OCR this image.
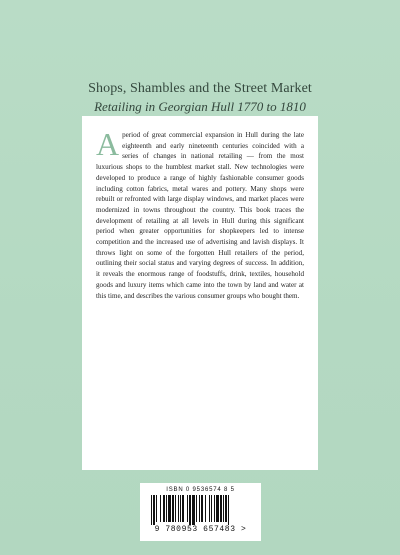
Shops, Shambles and the Street Market

Retailing in Georgian Hull 1770 to 1810

Aperiod of great commercial expansion in Hull during the late eighteenth and early nineteenth centuries coincided with a series of changes in national retailing — from the most luxurious shops to the humblest market stall. New technologies were developed to produce a range of highly fashionable consumer goods including cotton fabrics, metal wares and pottery. Many shops were rebuilt or refronted with large display windows, and market places were modernized in towns throughout the country. This book traces the development of retailing at all levels in Hull during this significant period when greater opportunities for shopkeepers led to intense competition and the increased use of advertising and lavish displays. It throws light on some of the forgotten Hull retailers of the period, outlining their social status and varying degrees of success. In addition, it reveals the enormous range of foodstuffs, drink, textiles, household goods and luxury items which came into the town by land and water at this time, and describes the various consumer groups who bought them.

ISBN 0 9536574 8 5

9 780953 657483 >
